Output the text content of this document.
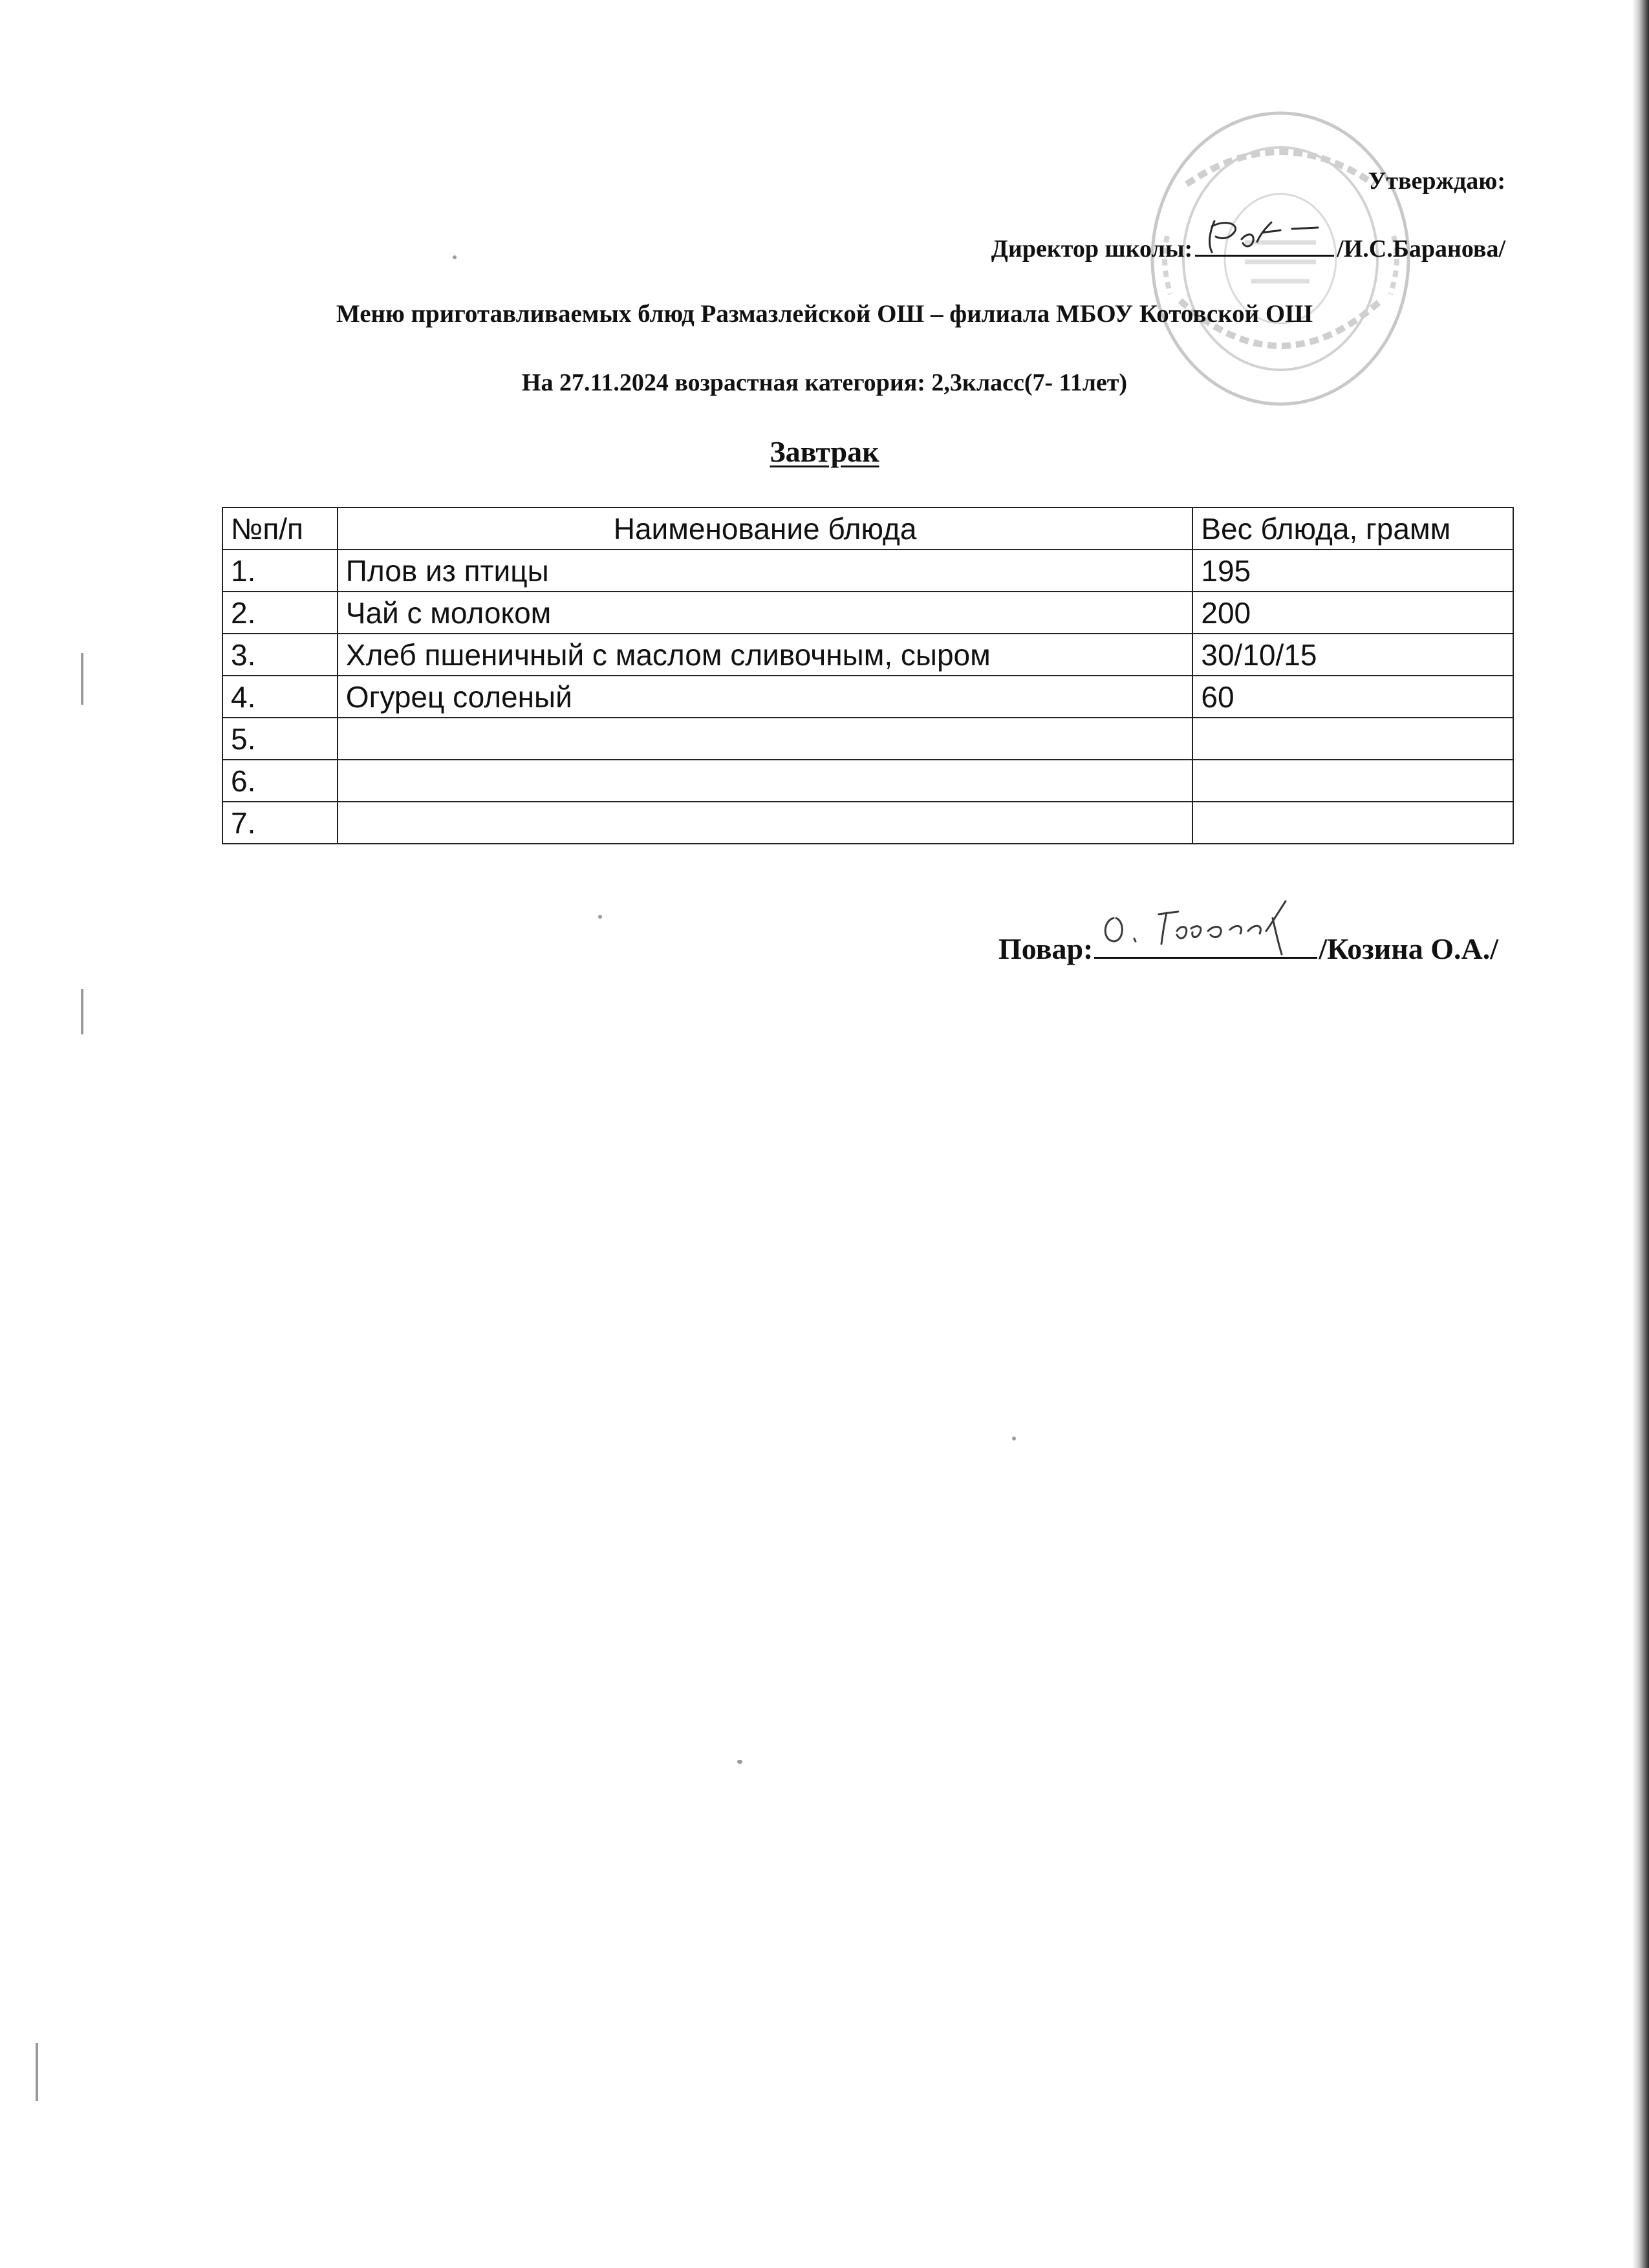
Утверждаю:
Директор школы:	/И.С.Баранова/
Меню приготавливаемых блюд Размазлейской ОШ – филиала МБОУ Котовской ОШ
На 27.11.2024 возрастная категория: 2,3класс(7- 11лет)
Завтрак
№п/п	Наименование блюда	Вес блюда, грамм
1.	Плов из птицы	195
2.	Чай с молоком	200
3.	Хлеб пшеничный с маслом сливочным, сыром	30/10/15
4.	Огурец соленый	60
5.		
6.		
7.		
Повар:	/Козина О.А./
